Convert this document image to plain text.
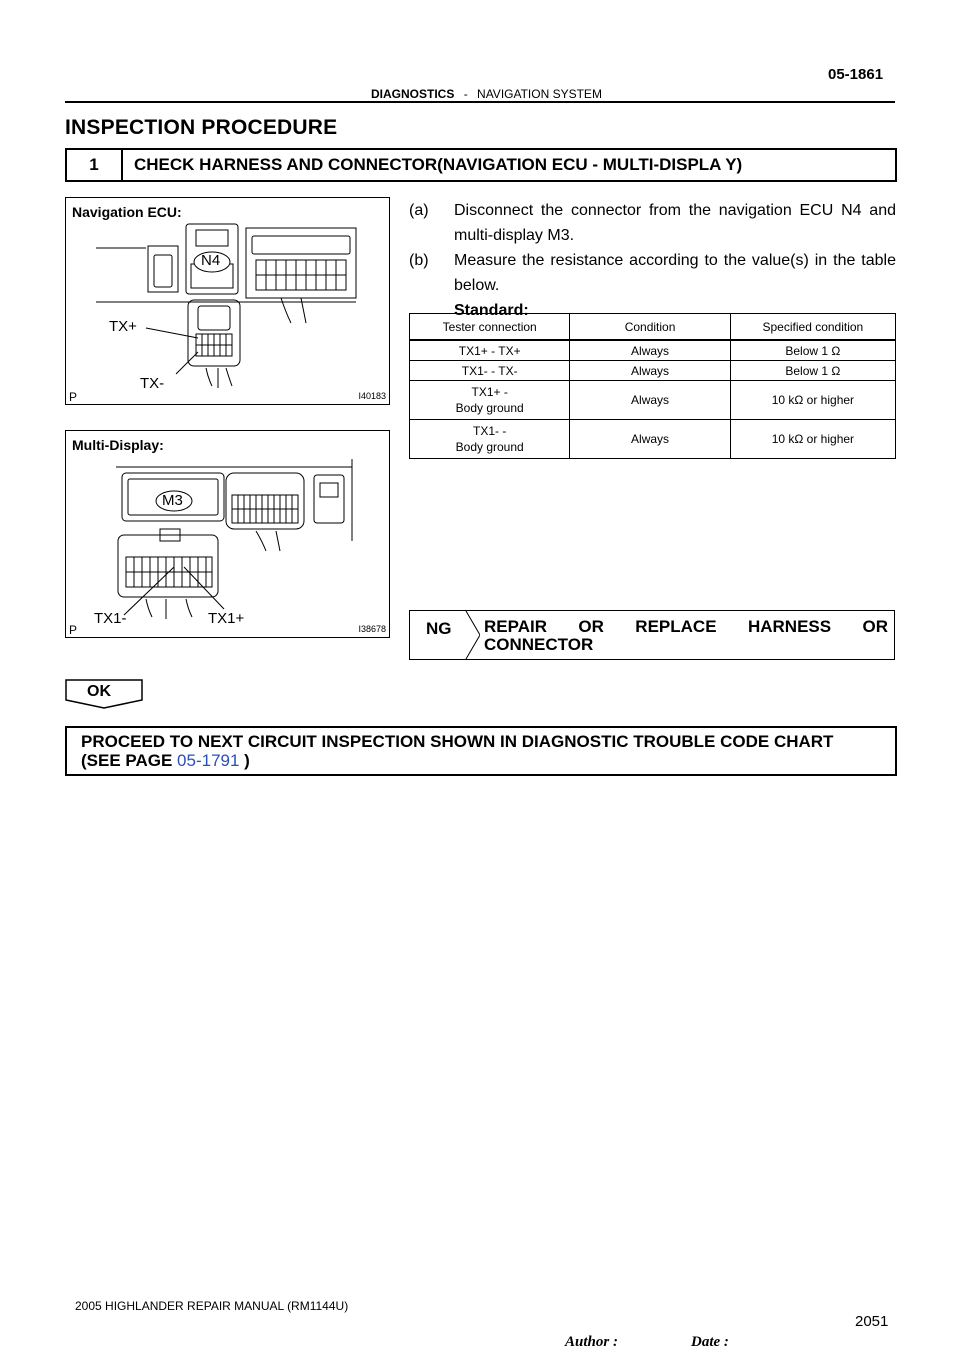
05-1861
DIAGNOSTICS - NAVIGATION SYSTEM
INSPECTION PROCEDURE
1	CHECK HARNESS AND CONNECTOR(NAVIGATION ECU - MULTI-DISPLA Y)
Navigation ECU:
N4
TX+
TX-
P	I40183
Multi-Display:
M3
TX1-	TX1+
P	I38678
(a)	Disconnect the connector from the navigation ECU N4 and multi-display M3.
(b)	Measure the resistance according to the value(s) in the table below.
Standard:
Tester connection	Condition	Specified condition
TX1+ - TX+	Always	Below 1 Ω
TX1- - TX-	Always	Below 1 Ω

TX1+ -
Body ground	Always	10 kΩ or higher

TX1- -
Body ground	Always	10 kΩ or higher
NG REPAIR OR REPLACE HARNESS OR CONNECTOR
OK
PROCEED TO NEXT CIRCUIT INSPECTION SHOWN IN DIAGNOSTIC TROUBLE CODE CHART
(SEE PAGE 05-1791 )
2005 HIGHLANDER REPAIR MANUAL (RM1144U)
2051
Author :	Date :
